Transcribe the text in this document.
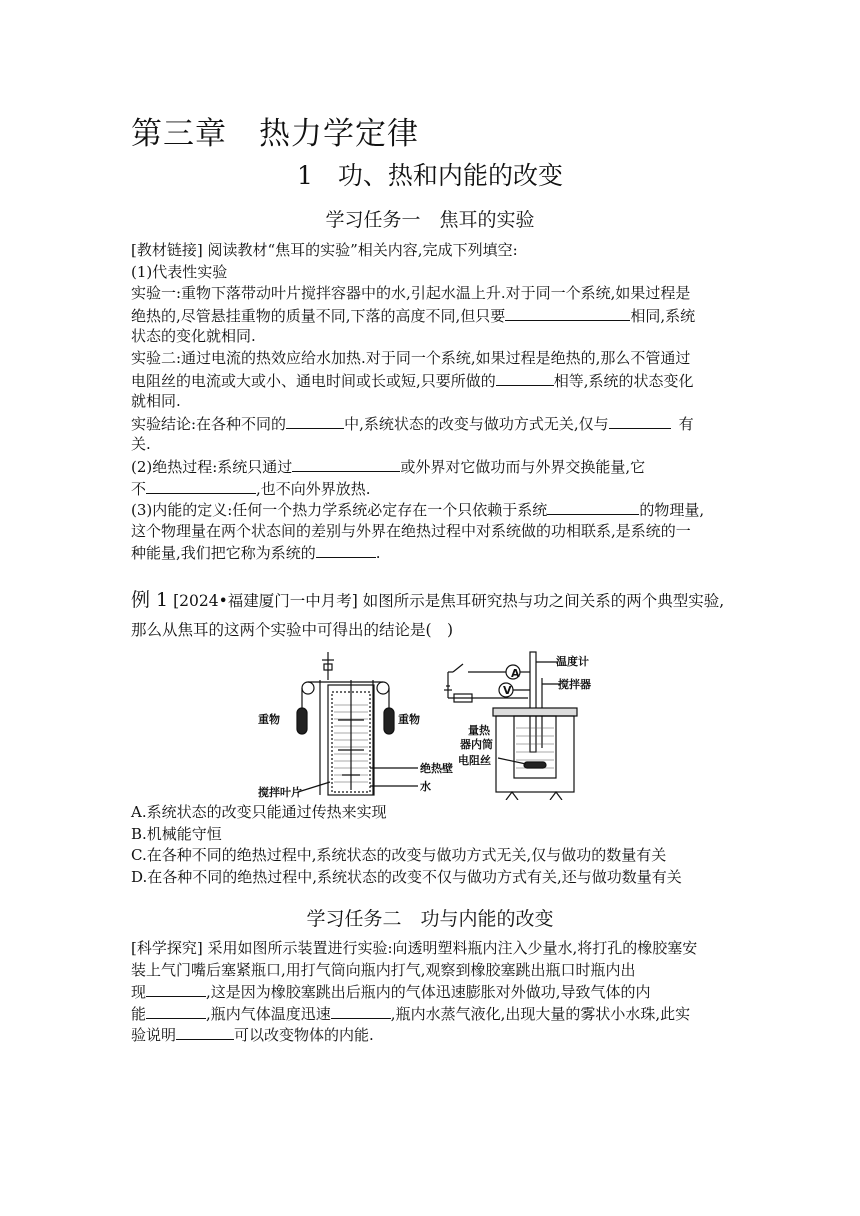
第三章　热力学定律
1　功、热和内能的改变
学习任务一　焦耳的实验
[教材链接] 阅读教材“焦耳的实验”相关内容,完成下列填空:
(1)代表性实验
实验一:重物下落带动叶片搅拌容器中的水,引起水温上升.对于同一个系统,如果过程是
绝热的,尽管悬挂重物的质量不同,下落的高度不同,但只要	相同,系统
状态的变化就相同.
实验二:通过电流的热效应给水加热.对于同一个系统,如果过程是绝热的,那么不管通过
电阻丝的电流或大或小、通电时间或长或短,只要所做的	相等,系统的状态变化
就相同.
实验结论:在各种不同的	中,系统状态的改变与做功方式无关,仅与	有
关.
(2)绝热过程:系统只通过	或外界对它做功而与外界交换能量,它
不	,也不向外界放热.
(3)内能的定义:任何一个热力学系统必定存在一个只依赖于系统	的物理量,
这个物理量在两个状态间的差别与外界在绝热过程中对系统做的功相联系,是系统的一
种能量,我们把它称为系统的	.
例 1 [2024•福建厦门一中月考] 如图所示是焦耳研究热与功之间关系的两个典型实验,
那么从焦耳的这两个实验中可得出的结论是(　)
重物	重物
绝热壁
水
搅拌叶片
A
V
温度计
搅拌器
量热
器内筒
电阻丝
A.系统状态的改变只能通过传热来实现
B.机械能守恒
C.在各种不同的绝热过程中,系统状态的改变与做功方式无关,仅与做功的数量有关
D.在各种不同的绝热过程中,系统状态的改变不仅与做功方式有关,还与做功数量有关
学习任务二　功与内能的改变
[科学探究] 采用如图所示装置进行实验:向透明塑料瓶内注入少量水,将打孔的橡胶塞安
装上气门嘴后塞紧瓶口,用打气筒向瓶内打气,观察到橡胶塞跳出瓶口时瓶内出
现	,这是因为橡胶塞跳出后瓶内的气体迅速膨胀对外做功,导致气体的内
能	,瓶内气体温度迅速	,瓶内水蒸气液化,出现大量的雾状小水珠,此实
验说明	可以改变物体的内能.
